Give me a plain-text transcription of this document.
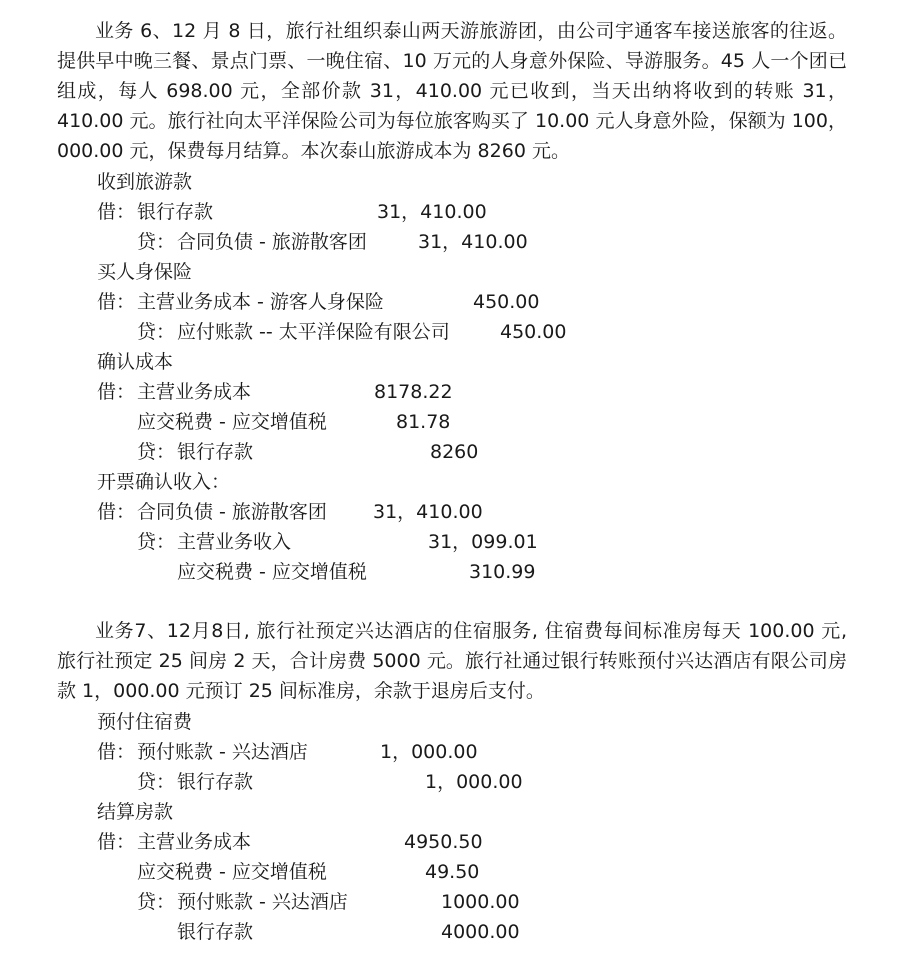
业务 6、12 月 8 日，旅行社组织泰山两天游旅游团，由公司宇通客车接送旅客的往返。提供早中晚三餐、景点门票、一晚住宿、10 万元的人身意外保险、导游服务。45 人一个团已组成，每人 698.00 元，全部价款 31，410.00 元已收到，当天出纳将收到的转账 31，410.00 元。旅行社向太平洋保险公司为每位旅客购买了 10.00 元人身意外险，保额为 100，000.00 元，保费每月结算。本次泰山旅游成本为 8260 元。

收到旅游款
借： 银行存款	31，410.00
贷： 合同负债 - 旅游散客团	31，410.00
买人身保险
借： 主营业务成本 - 游客人身保险	450.00
贷： 应付账款 -- 太平洋保险有限公司	450.00
确认成本
借： 主营业务成本	8178.22
应交税费 - 应交增值税	81.78
贷： 银行存款	8260
开票确认收入：
借： 合同负债 - 旅游散客团 31，410.00
贷： 主营业务收入	31，099.01
应交税费 - 应交增值税	310.99

业务7、12月8日, 旅行社预定兴达酒店的住宿服务, 住宿费每间标准房每天 100.00 元, 旅行社预定 25 间房 2 天，合计房费 5000 元。旅行社通过银行转账预付兴达酒店有限公司房款 1，000.00 元预订 25 间标准房，余款于退房后支付。

预付住宿费
借： 预付账款 - 兴达酒店	1，000.00
贷： 银行存款	1，000.00
结算房款
借： 主营业务成本	4950.50
应交税费 - 应交增值税	49.50
贷： 预付账款 - 兴达酒店	1000.00
银行存款	4000.00
